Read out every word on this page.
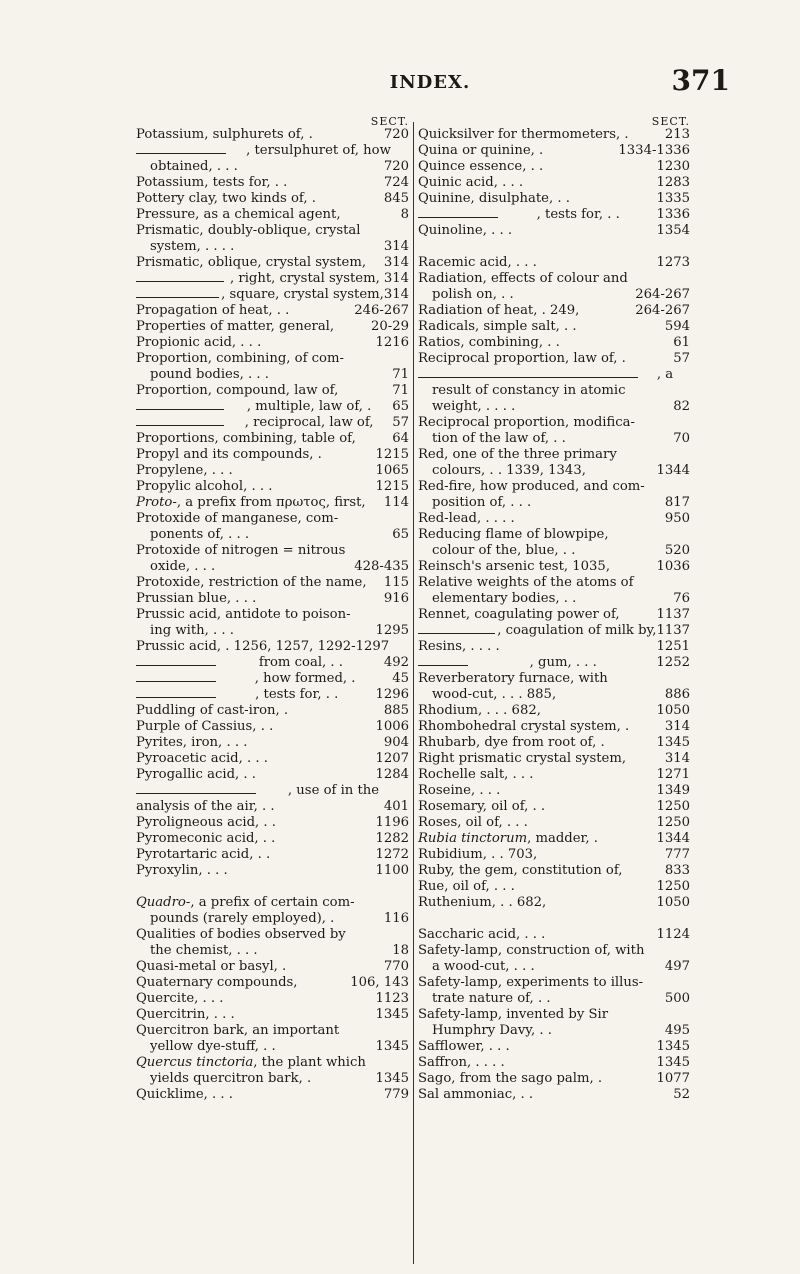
INDEX.	371
SECT.
Potassium, sulphurets of, .	720
, tersulphuret of, how
obtained, . . .	720
Potassium, tests for, . .	724
Pottery clay, two kinds of, .	845
Pressure, as a chemical agent,	8
Prismatic, doubly-oblique, crystal
system, . . . .	314
Prismatic, oblique, crystal system, 314
, right, crystal system, 314
, square, crystal system, 314
Propagation of heat, . .	246-267
Properties of matter, general,	20-29
Propionic acid, . . .	1216
Proportion, combining, of com-
pound bodies, . . .	71
Proportion, compound, law of,	71
, multiple, law of, . 65
, reciprocal, law of, 57
Proportions, combining, table of,	64
Propyl and its compounds, .	1215
Propylene, . . .	1065
Propylic alcohol, . . .	1215
Proto-, a prefix from πρωτος, first, 114
Protoxide of manganese, com-
ponents of, . . .	65
Protoxide of nitrogen = nitrous
oxide, . . .	428-435
Protoxide, restriction of the name, 115
Prussian blue, . . .	916
Prussic acid, antidote to poison-
ing with, . . .	1295
Prussic acid, . 1256, 1257, 1292-1297
from coal, . .	492
, how formed, .	45
, tests for, . .	1296
Puddling of cast-iron, .	885
Purple of Cassius, . .	1006
Pyrites, iron, . . .	904
Pyroacetic acid, . . .	1207
Pyrogallic acid, . .	1284
, use of in the
analysis of the air, . .	401
Pyroligneous acid, . .	1196
Pyromeconic acid, . .	1282
Pyrotartaric acid, . .	1272
Pyroxylin, . . .	1100
Quadro-, a prefix of certain com-
pounds (rarely employed), .	116
Qualities of bodies observed by
the chemist, . . .	18
Quasi-metal or basyl, .	770
Quaternary compounds,	106, 143
Quercite, . . .	1123
Quercitrin, . . .	1345
Quercitron bark, an important
yellow dye-stuff, . .	1345
Quercus tinctoria, the plant which
yields quercitron bark, .	1345
Quicklime, . . .	779
SECT.
Quicksilver for thermometers, .	213
Quina or quinine, .	1334-1336
Quince essence, . .	1230
Quinic acid, . . .	1283
Quinine, disulphate, . .	1335
, tests for, . .	1336
Quinoline, . . .	1354
Racemic acid, . . .	1273
Radiation, effects of colour and
polish on, . .	264-267
Radiation of heat, . 249,	264-267
Radicals, simple salt, . .	594
Ratios, combining, . .	61
Reciprocal proportion, law of, .	57
, a
result of constancy in atomic
weight, . . . .	82
Reciprocal proportion, modifica-
tion of the law of, . .	70
Red, one of the three primary
colours, . . 1339, 1343,	1344
Red-fire, how produced, and com-
position of, . . .	817
Red-lead, . . . .	950
Reducing flame of blowpipe,
colour of the, blue, . .	520
Reinsch's arsenic test, 1035,	1036
Relative weights of the atoms of
elementary bodies, . .	76
Rennet, coagulating power of,	1137
, coagulation of milk by, 1137
Resins, . . . .	1251
, gum, . . .	1252
Reverberatory furnace, with
wood-cut, . . . 885,	886
Rhodium, . . . 682,	1050
Rhombohedral crystal system, .	314
Rhubarb, dye from root of, .	1345
Right prismatic crystal system,	314
Rochelle salt, . . .	1271
Roseine, . . .	1349
Rosemary, oil of, . .	1250
Roses, oil of, . . .	1250
Rubia tinctorum, madder, .	1344
Rubidium, . . 703,	777
Ruby, the gem, constitution of,	833
Rue, oil of, . . .	1250
Ruthenium, . . 682,	1050
Saccharic acid, . . .	1124
Safety-lamp, construction of, with
a wood-cut, . . .	497
Safety-lamp, experiments to illus-
trate nature of, . .	500
Safety-lamp, invented by Sir
Humphry Davy, . .	495
Safflower, . . .	1345
Saffron, . . . .	1345
Sago, from the sago palm, .	1077
Sal ammoniac, . .	52
